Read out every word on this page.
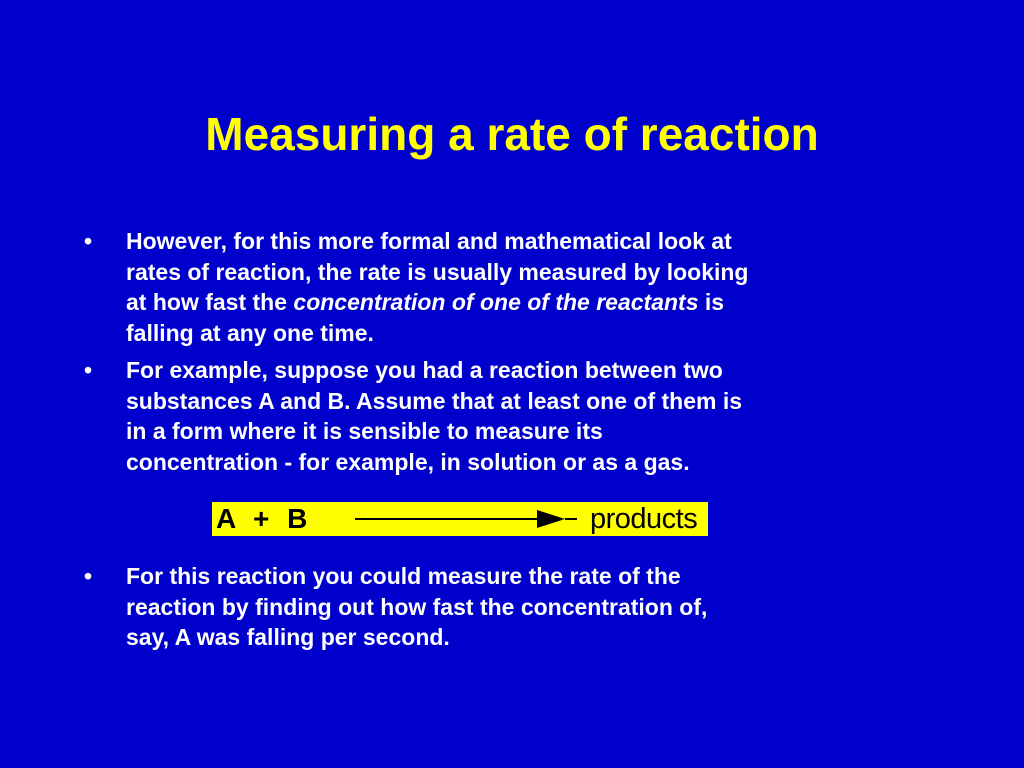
Measuring a rate of reaction
•	However, for this more formal and mathematical look at
rates of reaction, the rate is usually measured by looking
at how fast the concentration of one of the reactants is
falling at any one time.
•	For example, suppose you had a reaction between two
substances A and B. Assume that at least one of them is
in a form where it is sensible to measure its
concentration - for example, in solution or as a gas.
A + B	products
•	For this reaction you could measure the rate of the
reaction by finding out how fast the concentration of,
say, A was falling per second.
